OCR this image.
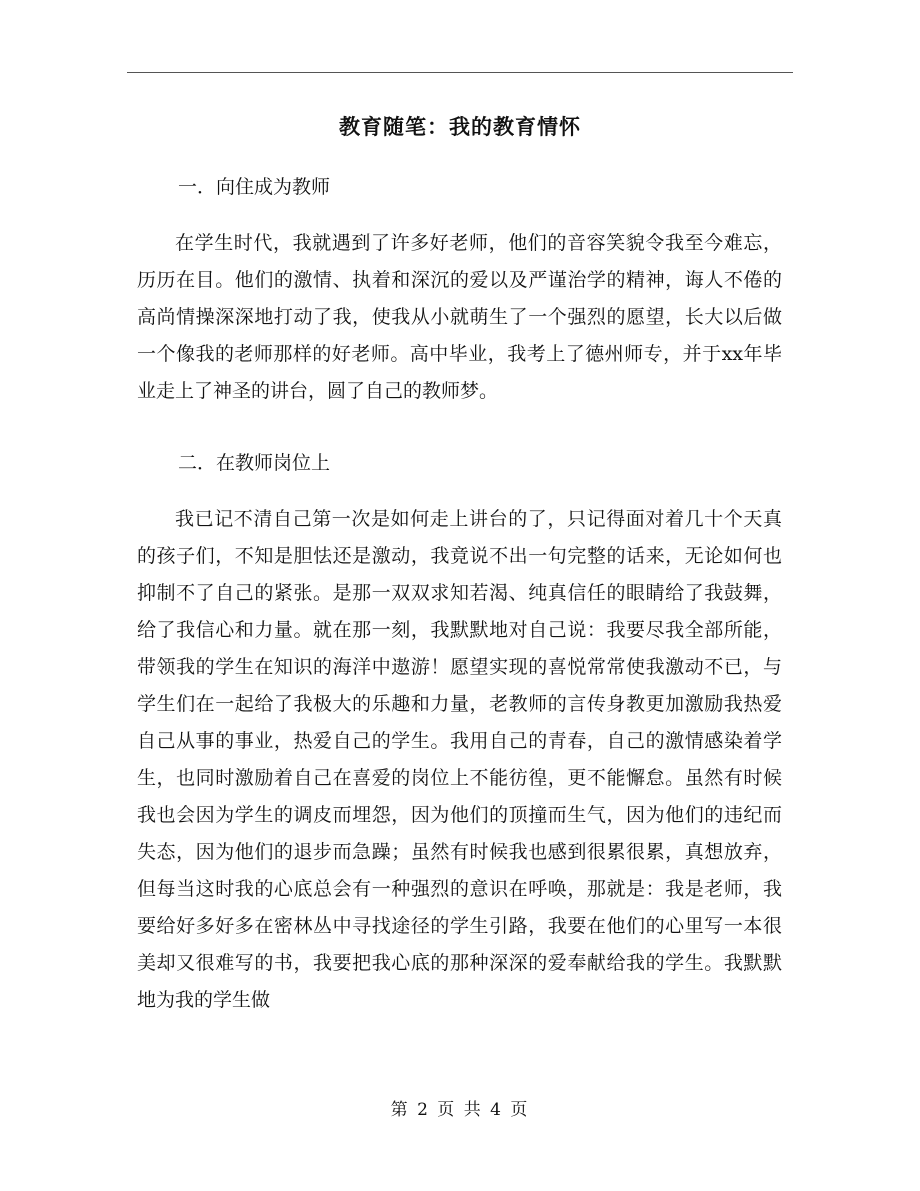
教育随笔：我的教育情怀
一．向住成为教师

在学生时代，我就遇到了许多好老师，他们的音容笑貌令我至今难忘，历历在目。他们的激情、执着和深沉的爱以及严谨治学的精神，诲人不倦的高尚情操深深地打动了我，使我从小就萌生了一个强烈的愿望，长大以后做一个像我的老师那样的好老师。高中毕业，我考上了德州师专，并于xx年毕业走上了神圣的讲台，圆了自己的教师梦。

二．在教师岗位上

我已记不清自己第一次是如何走上讲台的了，只记得面对着几十个天真的孩子们，不知是胆怯还是激动，我竟说不出一句完整的话来，无论如何也抑制不了自己的紧张。是那一双双求知若渴、纯真信任的眼睛给了我鼓舞，给了我信心和力量。就在那一刻，我默默地对自己说：我要尽我全部所能，带领我的学生在知识的海洋中遨游！愿望实现的喜悦常常使我激动不已，与学生们在一起给了我极大的乐趣和力量，老教师的言传身教更加激励我热爱自己从事的事业，热爱自己的学生。我用自己的青春，自己的激情感染着学生，也同时激励着自己在喜爱的岗位上不能彷徨，更不能懈怠。虽然有时候我也会因为学生的调皮而埋怨，因为他们的顶撞而生气，因为他们的违纪而失态，因为他们的退步而急躁；虽然有时候我也感到很累很累，真想放弃，但每当这时我的心底总会有一种强烈的意识在呼唤，那就是：我是老师，我要给好多好多在密林丛中寻找途径的学生引路，我要在他们的心里写一本很美却又很难写的书，我要把我心底的那种深深的爱奉献给我的学生。我默默地为我的学生做

第 2 页 共 4 页
